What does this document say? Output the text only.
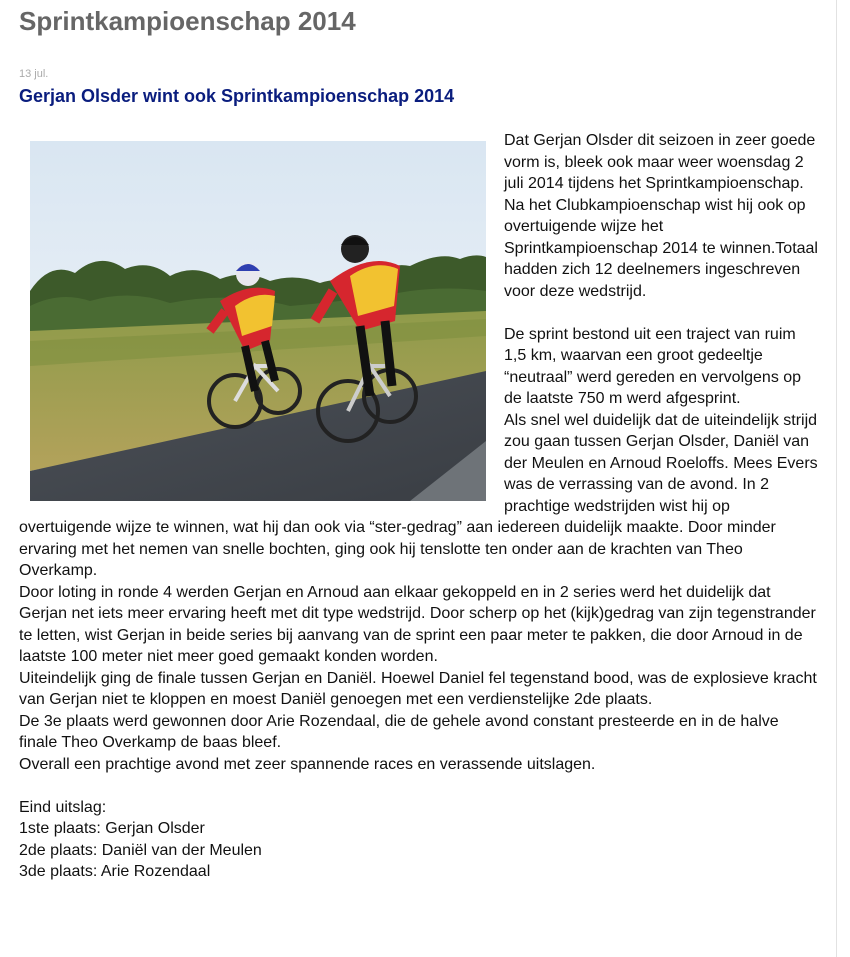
Sprintkampioenschap 2014
13 jul.
Gerjan Olsder wint ook Sprintkampioenschap 2014

Dat Gerjan Olsder dit seizoen in zeer goede vorm is, bleek ook maar weer woensdag 2 juli 2014 tijdens het Sprintkampioenschap. Na het Clubkampioenschap wist hij ook op overtuigende wijze het Sprintkampioenschap 2014 te winnen.Totaal hadden zich 12 deelnemers ingeschreven voor deze wedstrijd.

De sprint bestond uit een traject van ruim 1,5 km, waarvan een groot gedeeltje “neutraal” werd gereden en vervolgens op de laatste 750 m werd afgesprint.

Als snel wel duidelijk dat de uiteindelijk strijd zou gaan tussen Gerjan Olsder, Daniël van der Meulen en Arnoud Roeloffs. Mees Evers was de verrassing van de avond. In 2 prachtige wedstrijden wist hij op overtuigende wijze te winnen, wat hij dan ook via “ster-gedrag” aan iedereen duidelijk maakte. Door minder ervaring met het nemen van snelle bochten, ging ook hij tenslotte ten onder aan de krachten van Theo Overkamp.

Door loting in ronde 4 werden Gerjan en Arnoud aan elkaar gekoppeld en in 2 series werd het duidelijk dat Gerjan net iets meer ervaring heeft met dit type wedstrijd. Door scherp op het (kijk)gedrag van zijn tegenstrander te letten, wist Gerjan in beide series bij aanvang van de sprint een paar meter te pakken, die door Arnoud in de laatste 100 meter niet meer goed gemaakt konden worden.

Uiteindelijk ging de finale tussen Gerjan en Daniël. Hoewel Daniel fel tegenstand bood, was de explosieve kracht van Gerjan niet te kloppen en moest Daniël genoegen met een verdienstelijke 2de plaats.

De 3e plaats werd gewonnen door Arie Rozendaal, die de gehele avond constant presteerde en in de halve finale Theo Overkamp de baas bleef.

Overall een prachtige avond met zeer spannende races en verassende uitslagen.

Eind uitslag:

1ste plaats: Gerjan Olsder

2de plaats: Daniël van der Meulen

3de plaats: Arie Rozendaal
